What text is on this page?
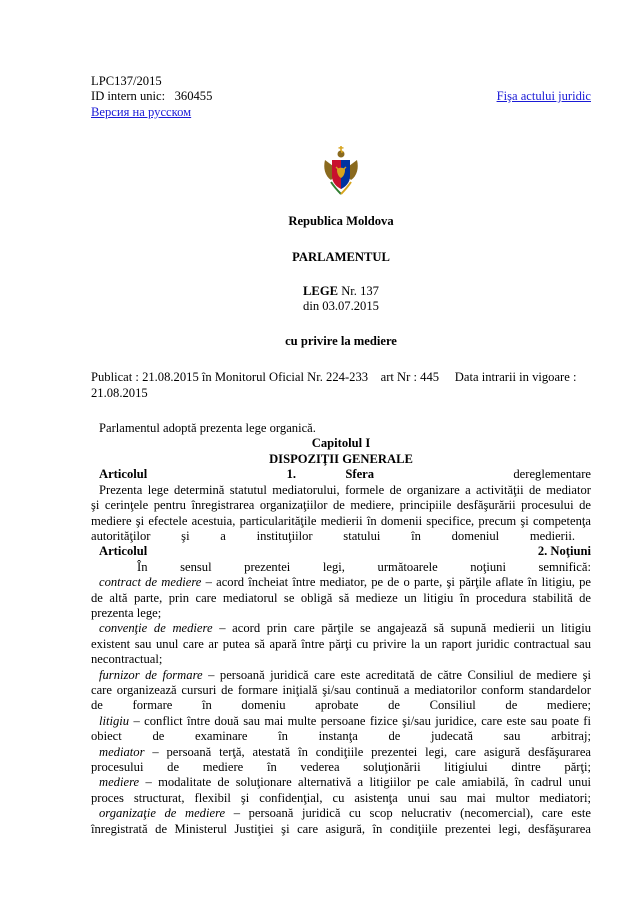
LPC137/2015
ID intern unic: 360455	Fişa actului juridic
Версия на русском
Republica Moldova
PARLAMENTUL
LEGE Nr. 137
din 03.07.2015
cu privire la mediere
Publicat : 21.08.2015 în Monitorul Oficial Nr. 224-233    art Nr : 445     Data intrarii in vigoare :
21.08.2015
Parlamentul adoptă prezenta lege organică.
Capitolul I
DISPOZIŢII GENERALE
Articolul	1. Sfera	de reglementare
Prezenta lege determină statutul mediatorului, formele de organizare a activităţii de mediator
şi cerinţele pentru înregistrarea organizaţiilor de mediere, principiile desfăşurării procesului de
mediere şi efectele acestuia, particularităţile medierii în domenii specifice, precum şi competenţa
autorităţilor şi a instituţiilor statului în domeniul medierii.
Articolul	2. Noţiuni
În sensul prezentei legi, următoarele noţiuni semnifică:
contract de mediere – acord încheiat între mediator, pe de o parte, şi părţile aflate în litigiu, pe
de altă parte, prin care mediatorul se obligă să medieze un litigiu în procedura stabilită de
prezenta lege;
convenţie de mediere – acord prin care părţile se angajează să supună medierii un litigiu
existent sau unul care ar putea să apară între părţi cu privire la un raport juridic contractual sau
necontractual;
furnizor de formare – persoană juridică care este acreditată de către Consiliul de mediere şi
care organizează cursuri de formare iniţială şi/sau continuă a mediatorilor conform standardelor
de formare în domeniu aprobate de Consiliul de mediere;
litigiu – conflict între două sau mai multe persoane fizice şi/sau juridice, care este sau poate fi
obiect de examinare în instanţa de judecată sau arbitraj;
mediator – persoană terţă, atestată în condiţiile prezentei legi, care asigură desfăşurarea
procesului de mediere în vederea soluţionării litigiului dintre părţi;
mediere – modalitate de soluţionare alternativă a litigiilor pe cale amiabilă, în cadrul unui
proces structurat, flexibil şi confidenţial, cu asistenţa unui sau mai multor mediatori;
organizaţie de mediere – persoană juridică cu scop nelucrativ (necomercial), care este
înregistrată de Ministerul Justiţiei şi care asigură, în condiţiile prezentei legi, desfăşurarea
